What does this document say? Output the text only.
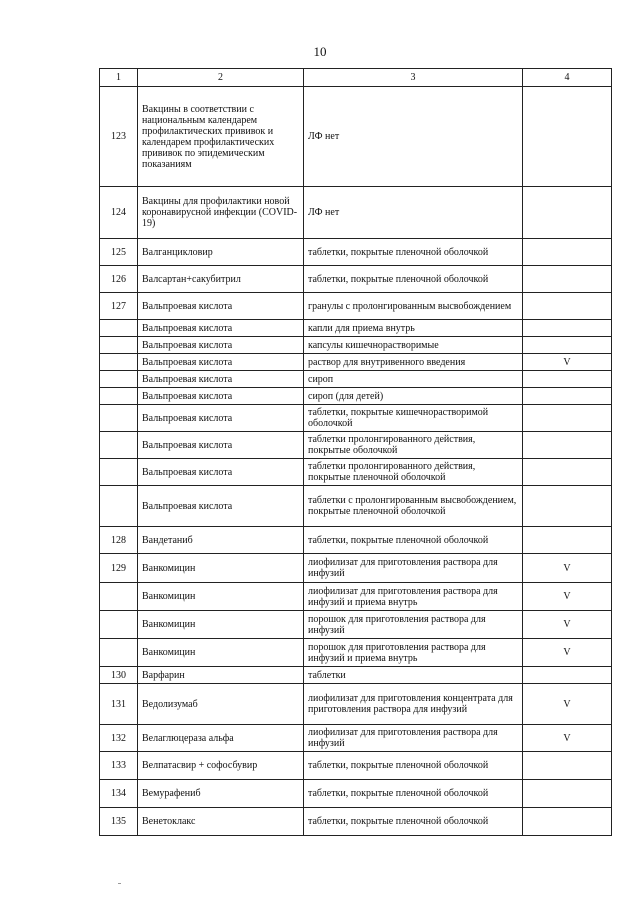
10
1	2	3	4
123	Вакцины в соответствии с национальным календарем профилактических прививок и календарем профилактических прививок по эпидемическим показаниям	ЛФ нет	
124	Вакцины для профилактики новой коронавирусной инфекции (COVID-19)	ЛФ нет	
125	Валганцикловир	таблетки, покрытые пленочной оболочкой	
126	Валсартан+сакубитрил	таблетки, покрытые пленочной оболочкой	
127	Вальпроевая кислота	гранулы с пролонгированным высвобождением	
	Вальпроевая кислота	капли для приема внутрь	
	Вальпроевая кислота	капсулы кишечнорастворимые	
	Вальпроевая кислота	раствор для внутривенного введения	V
	Вальпроевая кислота	сироп	
	Вальпроевая кислота	сироп (для детей)	
	Вальпроевая кислота	таблетки, покрытые кишечнорастворимой оболочкой	
	Вальпроевая кислота	таблетки пролонгированного действия, покрытые оболочкой	
	Вальпроевая кислота	таблетки пролонгированного действия, покрытые пленочной оболочкой	
	Вальпроевая кислота	таблетки с пролонгированным высвобождением, покрытые пленочной оболочкой	
128	Вандетаниб	таблетки, покрытые пленочной оболочкой	
129	Ванкомицин	лиофилизат для приготовления раствора для инфузий	V
	Ванкомицин	лиофилизат для приготовления раствора для инфузий и приема внутрь	V
	Ванкомицин	порошок для приготовления раствора для инфузий	V
	Ванкомицин	порошок для приготовления раствора для инфузий и приема внутрь	V
130	Варфарин	таблетки	
131	Ведолизумаб	лиофилизат для приготовления концентрата для приготовления раствора для инфузий	V
132	Велаглюцераза альфа	лиофилизат для приготовления раствора для инфузий	V
133	Велпатасвир + софосбувир	таблетки, покрытые пленочной оболочкой	
134	Вемурафениб	таблетки, покрытые пленочной оболочкой	
135	Венетоклакс	таблетки, покрытые пленочной оболочкой	
